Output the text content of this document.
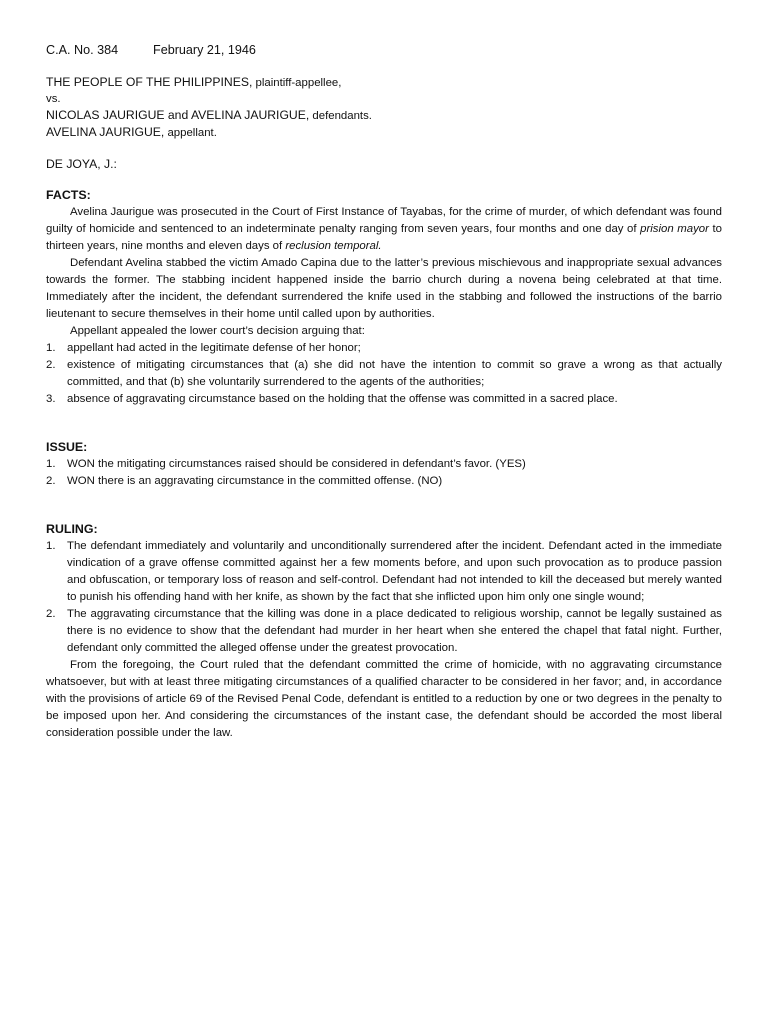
C.A. No. 384	February 21, 1946

THE PEOPLE OF THE PHILIPPINES, plaintiff-appellee,

vs.

NICOLAS JAURIGUE and AVELINA JAURIGUE, defendants.

AVELINA JAURIGUE, appellant.

DE JOYA, J.:

FACTS:

Avelina Jaurigue was prosecuted in the Court of First Instance of Tayabas, for the crime of murder, of which defendant was found guilty of homicide and sentenced to an indeterminate penalty ranging from seven years, four months and one day of prision mayor to thirteen years, nine months and eleven days of reclusion temporal.

Defendant Avelina stabbed the victim Amado Capina due to the latter’s previous mischievous and inappropriate sexual advances towards the former. The stabbing incident happened inside the barrio church during a novena being celebrated at that time. Immediately after the incident, the defendant surrendered the knife used in the stabbing and followed the instructions of the barrio lieutenant to secure themselves in their home until called upon by authorities.

Appellant appealed the lower court’s decision arguing that:

1.	appellant had acted in the legitimate defense of her honor;
2.	existence of mitigating circumstances that (a) she did not have the intention to commit so grave a wrong as that actually committed, and that (b) she voluntarily surrendered to the agents of the authorities;
3.	absence of aggravating circumstance based on the holding that the offense was committed in a sacred place.
ISSUE:
1.	WON the mitigating circumstances raised should be considered in defendant’s favor. (YES)
2.	WON there is an aggravating circumstance in the committed offense. (NO)
RULING:
1.	The defendant immediately and voluntarily and unconditionally surrendered after the incident. Defendant acted in the immediate vindication of a grave offense committed against her a few moments before, and upon such provocation as to produce passion and obfuscation, or temporary loss of reason and self-control. Defendant had not intended to kill the deceased but merely wanted to punish his offending hand with her knife, as shown by the fact that she inflicted upon him only one single wound;
2.	The aggravating circumstance that the killing was done in a place dedicated to religious worship, cannot be legally sustained as there is no evidence to show that the defendant had murder in her heart when she entered the chapel that fatal night. Further, defendant only committed the alleged offense under the greatest provocation.

From the foregoing, the Court ruled that the defendant committed the crime of homicide, with no aggravating circumstance whatsoever, but with at least three mitigating circumstances of a qualified character to be considered in her favor; and, in accordance with the provisions of article 69 of the Revised Penal Code, defendant is entitled to a reduction by one or two degrees in the penalty to be imposed upon her. And considering the circumstances of the instant case, the defendant should be accorded the most liberal consideration possible under the law.
